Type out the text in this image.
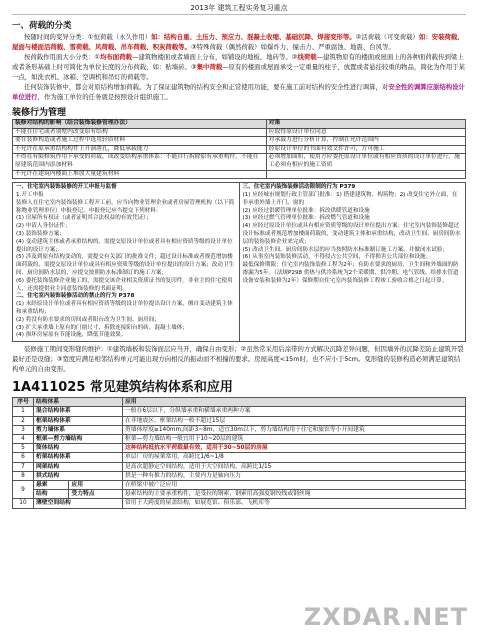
2013年 建筑工程实务复习重点
一、荷载的分类
按随时间的变异分类：①恒荷载（永久作用）如：结构自重、土压力、预应力、混凝土收缩、基础沉降、焊接变形等。②活荷载（可变荷载）如：安装荷载、屋面与楼面活荷载、雪荷载、风荷载、吊车荷载、积灰荷载等。③特殊荷载（偶然荷载）如爆炸力、撞击力、严重腐蚀、地震、台风等。
按荷载作用面大小分类：①均布面荷载—建筑物楼面或者墙面上分布，如铺设的地板、地砖等。②线荷载—建筑物原有的楼面或屋面上的各种面荷载传到梁上或者条形基础上时可简化为单位长度的分布荷载，如：贴墙砖。③集中荷载—原有的楼面或屋面承受一定重量的柱子，放置或者悬挂较重的物品，简化为作用于某一点，如洗衣机、冰箱、空调机和吊灯的荷载等。
任何装饰装修中，都会对原结构增加荷载。为了保证建筑物的结构安全和正常使用功能，要在施工前对结构的安全性进行调算，对安全性的调算应原结构设计单位进行，作为施工单位的任务就是按照设计组织施工。
装修行为管理
装修对结构的影响（结合装饰装修管理办法）	对策
不能在住宅或者别墅内改变原有结构	应取得原设计单位同意
要在装修构造或者施工过程中选用轻质材料	对承载力进行分析计算，控制在允许范围内
不允许在原承重结构构件上开洞凿孔，降低承载能力	经原设计单位的书面有效文件许可，方可施工
不得在有限修筑作用下承受的荷载，成改变结构承重体系：不能自行拆除原有承重构件，不能在原建筑范围内添加材料	必须增加面积，使用方应委托原设计单位或有相应资质的设计单位进行，施工必须有相应的施工资质
不允许在建筑内楼面上堆放大量建筑材料	
一、住宅室内装饰装修的开工申报与监督
1.开工申报
装修人在住宅室内装饰装修工程开工前，应当向物业管理企业或者房屋管理机构（以下简称物业管理单位）申报登记。申报登记应当提交下列材料：
(1) 房屋所有权证（或者证明其合法权益的有效凭证）；
(2) 申请人身份证件；
(3) 装饰装修方案；
(4) 变动建筑主体或者承重结构的，需提交原设计单位或者具有相应资质等级的设计单位提出的设计方案；
(5) 涉及到原有结构变动的，需提交有关部门的批准文件；超过设计标准或者规范增加楼面荷载的，需提交原设计单位或具有相应资质等级的设计单位提出的设计方案；改动卫生间、厨房间防水层的，应提交按照防水标准制订的施工方案；
(6) 委托装饰装修企业施工的，需提交该企业相关资质证书的复印件。非业主的住宅使用人，还需提供业主同意装饰装修的书面证明。
二、住宅室内装饰装修活动的禁止的行为 P378
(1) 未经原设计单位或者具有相应资质等级的设计单位提出设计方案，擅自变动建筑主体和承重结构；
(2) 将没有防水要求的房间或者阳台改为卫生间、厨房间；
(3) 扩大承重墙上原有的门窗尺寸、拆除连接阳台的砖、混凝土墙体；
(4) 损坏房屋原有节能设施，降低节能效果；
三、住宅室内装饰装修活动限制的行为 P379
(1) 应经城市规划行政主管部门批准：1) 搭建建筑物、构筑物；2) 改变住宅外立面，在非承重外墙上开门、窗的
(2) 应经过供暖管理单位批准：拆改供暖管道和设施
(3) 应经过燃气管理单位批准：拆改燃气管道和设施
(4) 应经过原设计单位或具有相应资质等级的设计单位提出方案：住宅室内装饰装修超过设计标准或者规范增加楼面荷载的，变动建筑主体和承重结构，改动卫生间、厨房间防水层的装饰装修企业来完成；
(5) 改动卫生间、厨房间防水层的应当按照防水标准制订施工方案，并做闭水试验；
(6) 从事室内装饰装修活动，不得侵占公共空间，不得损害公共部位和设施。
最低保修期限：住宅室内装饰装修工程为2年；有防水要求的厨房、卫生间和外墙面的防渗漏为5年。（法规P298 供热与供冷系统为2个采暖期、供冷期，电气管线、给排水管道设备安装和装修为2年）保修期自住宅室内装饰装修工程竣工验收合格之日起计算。
装修施工期间变形缝的维护：①建筑墙板和装饰面层应当开，确保自由变形；②虽然常采用后涂带的方式解决沉降差异问题，但因墙外的沉降差防止建筑开裂最好还是设缝；③宽度应满足相邻结构单元可能出现方向相反的振动而不相撞的要求。房屋高度<15m时，也不应小于5cm。变形缝的装修构造必须满足建筑结构单元的自由变形。
1A411025 常见建筑结构体系和应用
序号	结构体系		应用
1	混合结构体系		一般在6层以下，分纵墙承重和横墙承重两种方案
2	框架结构体系		在非地震区，框架结构一般不超过15层
3	剪力墙体系		剪墙体厚度≥140mm,间距3~8m，适宜30m以下，剪力墙结构用于住宅和旅馆等小开间建筑
4	框架—剪力墙结构		框架—剪力墙结构一般宜用于10~20层的建筑
5	筒体结构		这种结构抵抗水平荷载最有效，适用于30~50层的房屋
6	桁架结构体系		单层厂房的屋架常用，高跨比1/6~1/8
7	网架结构		是高次超静定空间结构，适用于大空间结构，高跨比1/15
8	拱式结构		拱是一种有推力的结构，主要内力是轴向压力
9	悬索	应用	在桥梁中被广泛应用
	结构	受力特点	悬索结构的主要承重构件，是受拉的钢索，钢索用高强度钢绞线或钢丝绳
10	薄壁空间结构		常用于大跨度的屋盖结构，如展览馆、俱乐部、飞机库等
ZXDAR.NET
